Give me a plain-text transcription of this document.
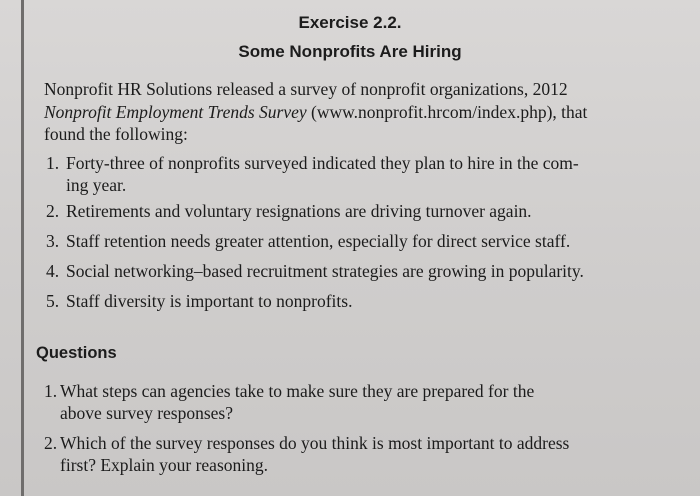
Exercise 2.2.
Some Nonprofits Are Hiring
Nonprofit HR Solutions released a survey of nonprofit organizations, 2012
Nonprofit Employment Trends Survey (www.nonprofit.hrcom/index.php), that
found the following:
1. Forty-three of nonprofits surveyed indicated they plan to hire in the com-
ing year.
2. Retirements and voluntary resignations are driving turnover again.
3. Staff retention needs greater attention, especially for direct service staff.
4. Social networking–based recruitment strategies are growing in popularity.
5. Staff diversity is important to nonprofits.
Questions
1. What steps can agencies take to make sure they are prepared for the
above survey responses?
2. Which of the survey responses do you think is most important to address
first? Explain your reasoning.
